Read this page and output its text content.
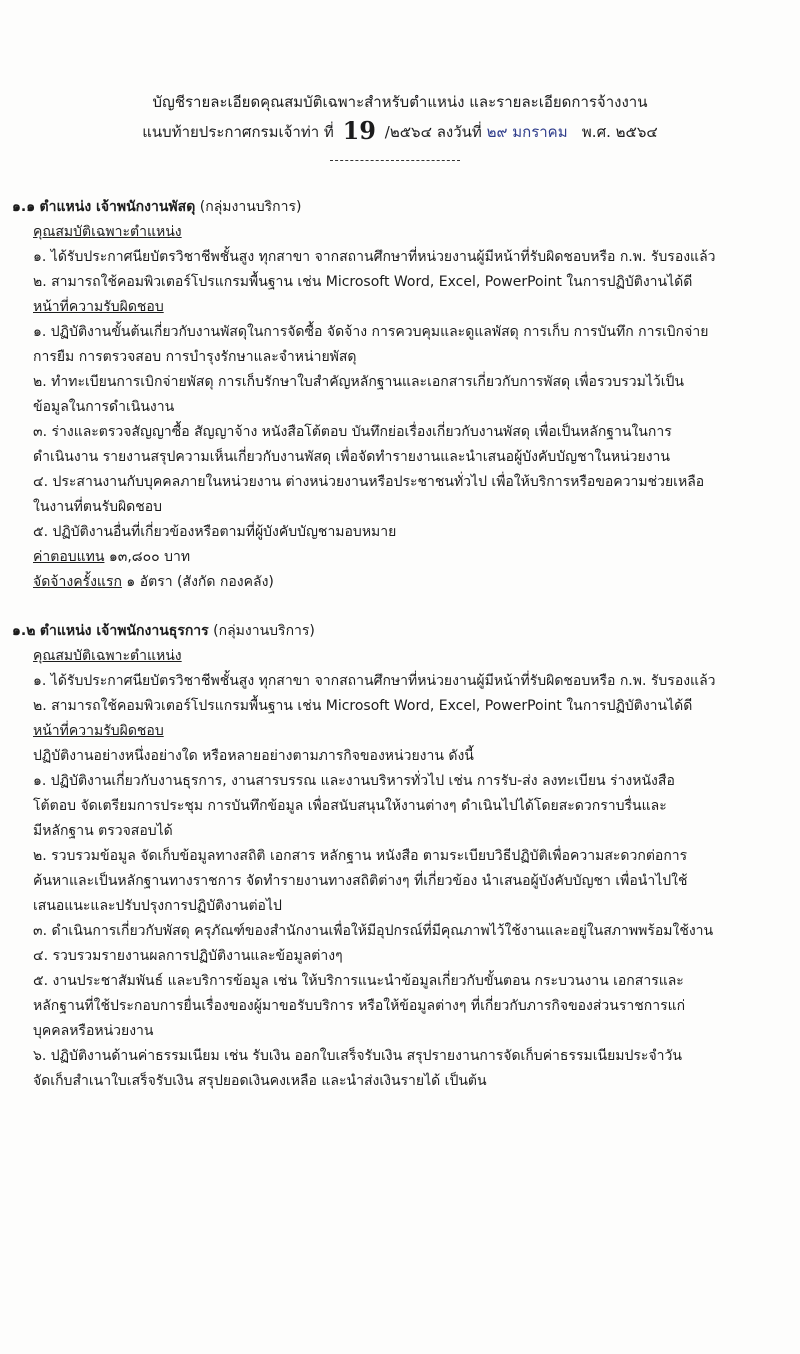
บัญชีรายละเอียดคุณสมบัติเฉพาะสำหรับตำแหน่ง และรายละเอียดการจ้างงาน
แนบท้ายประกาศกรมเจ้าท่า ที่ 19 /๒๕๖๔ ลงวันที่ ๒๙ มกราคม พ.ศ. ๒๕๖๔
๑.๑ ตำแหน่ง เจ้าพนักงานพัสดุ (กลุ่มงานบริการ)
คุณสมบัติเฉพาะตำแหน่ง
๑. ได้รับประกาศนียบัตรวิชาชีพชั้นสูง ทุกสาขา จากสถานศึกษาที่หน่วยงานผู้มีหน้าที่รับผิดชอบหรือ ก.พ. รับรองแล้ว
๒. สามารถใช้คอมพิวเตอร์โปรแกรมพื้นฐาน เช่น Microsoft Word, Excel, PowerPoint ในการปฏิบัติงานได้ดี
หน้าที่ความรับผิดชอบ
๑. ปฏิบัติงานขั้นต้นเกี่ยวกับงานพัสดุในการจัดซื้อ จัดจ้าง การควบคุมและดูแลพัสดุ การเก็บ การบันทึก การเบิกจ่าย
การยืม การตรวจสอบ การบำรุงรักษาและจำหน่ายพัสดุ
๒. ทำทะเบียนการเบิกจ่ายพัสดุ การเก็บรักษาใบสำคัญหลักฐานและเอกสารเกี่ยวกับการพัสดุ เพื่อรวบรวมไว้เป็น
ข้อมูลในการดำเนินงาน
๓. ร่างและตรวจสัญญาซื้อ สัญญาจ้าง หนังสือโต้ตอบ บันทึกย่อเรื่องเกี่ยวกับงานพัสดุ เพื่อเป็นหลักฐานในการ
ดำเนินงาน รายงานสรุปความเห็นเกี่ยวกับงานพัสดุ เพื่อจัดทำรายงานและนำเสนอผู้บังคับบัญชาในหน่วยงาน
๔. ประสานงานกับบุคคลภายในหน่วยงาน ต่างหน่วยงานหรือประชาชนทั่วไป เพื่อให้บริการหรือขอความช่วยเหลือ
ในงานที่ตนรับผิดชอบ
๕. ปฏิบัติงานอื่นที่เกี่ยวข้องหรือตามที่ผู้บังคับบัญชามอบหมาย
ค่าตอบแทน ๑๓,๘๐๐ บาท
จัดจ้างครั้งแรก ๑ อัตรา (สังกัด กองคลัง)
๑.๒ ตำแหน่ง เจ้าพนักงานธุรการ (กลุ่มงานบริการ)
คุณสมบัติเฉพาะตำแหน่ง
๑. ได้รับประกาศนียบัตรวิชาชีพชั้นสูง ทุกสาขา จากสถานศึกษาที่หน่วยงานผู้มีหน้าที่รับผิดชอบหรือ ก.พ. รับรองแล้ว
๒. สามารถใช้คอมพิวเตอร์โปรแกรมพื้นฐาน เช่น Microsoft Word, Excel, PowerPoint ในการปฏิบัติงานได้ดี
หน้าที่ความรับผิดชอบ
ปฏิบัติงานอย่างหนึ่งอย่างใด หรือหลายอย่างตามภารกิจของหน่วยงาน ดังนี้
๑. ปฏิบัติงานเกี่ยวกับงานธุรการ, งานสารบรรณ และงานบริหารทั่วไป เช่น การรับ-ส่ง ลงทะเบียน ร่างหนังสือ
โต้ตอบ จัดเตรียมการประชุม การบันทึกข้อมูล เพื่อสนับสนุนให้งานต่างๆ ดำเนินไปได้โดยสะดวกราบรื่นและ
มีหลักฐาน ตรวจสอบได้
๒. รวบรวมข้อมูล จัดเก็บข้อมูลทางสถิติ เอกสาร หลักฐาน หนังสือ ตามระเบียบวิธีปฏิบัติเพื่อความสะดวกต่อการ
ค้นหาและเป็นหลักฐานทางราชการ จัดทำรายงานทางสถิติต่างๆ ที่เกี่ยวข้อง นำเสนอผู้บังคับบัญชา เพื่อนำไปใช้
เสนอแนะและปรับปรุงการปฏิบัติงานต่อไป
๓. ดำเนินการเกี่ยวกับพัสดุ ครุภัณฑ์ของสำนักงานเพื่อให้มีอุปกรณ์ที่มีคุณภาพไว้ใช้งานและอยู่ในสภาพพร้อมใช้งาน
๔. รวบรวมรายงานผลการปฏิบัติงานและข้อมูลต่างๆ
๕. งานประชาสัมพันธ์ และบริการข้อมูล เช่น ให้บริการแนะนำข้อมูลเกี่ยวกับขั้นตอน กระบวนงาน เอกสารและ
หลักฐานที่ใช้ประกอบการยื่นเรื่องของผู้มาขอรับบริการ หรือให้ข้อมูลต่างๆ ที่เกี่ยวกับภารกิจของส่วนราชการแก่
บุคคลหรือหน่วยงาน
๖. ปฏิบัติงานด้านค่าธรรมเนียม เช่น รับเงิน ออกใบเสร็จรับเงิน สรุปรายงานการจัดเก็บค่าธรรมเนียมประจำวัน
จัดเก็บสำเนาใบเสร็จรับเงิน สรุปยอดเงินคงเหลือ และนำส่งเงินรายได้ เป็นต้น
